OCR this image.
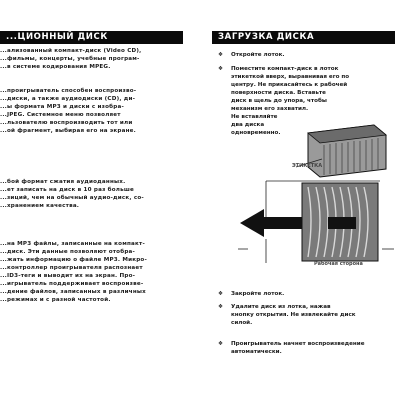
...ЦИОННЫЙ ДИСК
...ализованный компакт-диск (Video CD),
...фильмы, концерты, учебные програм-
...в системе кодирования MPEG.
...проигрыватель способен воспроизво-
...диски, а также аудиодиски (CD), ди-
...ы формата MP3 и диски с изобра-
...JPEG. Системное меню позволяет
...льзователю воспроизводить тот или
...ой фрагмент, выбирая его на экране.
...бой формат сжатия аудиоданных.
...ет записать на диск в 10 раз больше
...зиций, чем на обычный аудио-диск, со-
...хранением качества.
...на MP3 файлы, записанные на компакт-
...диск. Эти данные позволяют отобра-
...жать информацию о файле MP3. Микро-
...контроллер проигрывателя распознает
...ID3-теги и выводит их на экран. Про-
...игрыватель поддерживает воспроизве-
...дение файлов, записанных в различных
...режимах и с разной частотой.
ЗАГРУЗКА ДИСКА
❖	Откройте лоток.
❖	Поместите компакт-диск в лоток
этикеткой вверх, выравнивая его по
центру. Не прикасайтесь к рабочей
поверхности диска. Вставьте
диск в щель до упора, чтобы
механизм его захватил.
Не вставляйте
два диска
одновременно.
ЭТИКЕТКА
Рабочая сторона
❖	Закройте лоток.
❖	Удалите диск из лотка, нажав
кнопку открытия. Не извлекайте диск
силой.
❖	Проигрыватель начнет воспроизведение
автоматически.
